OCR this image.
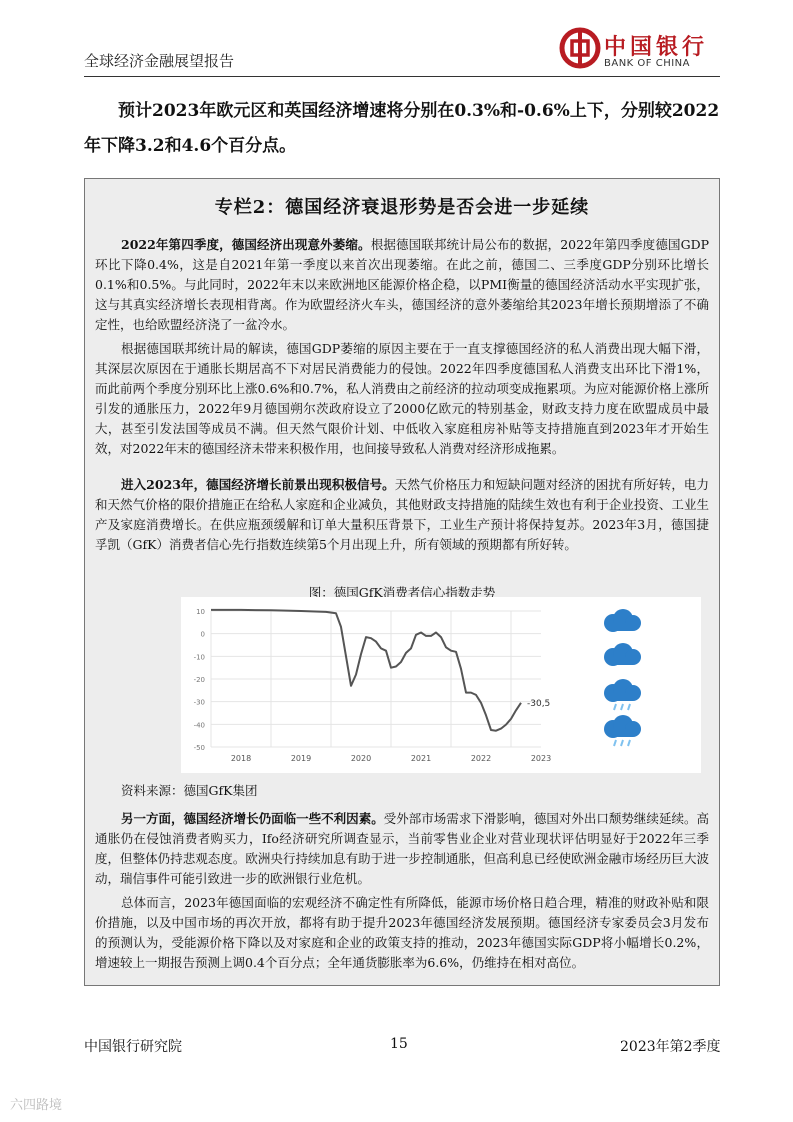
全球经济金融展望报告
中国银行
BANK OF CHINA

预计2023年欧元区和英国经济增速将分别在0.3%和-0.6%上下，分别较2022年下降3.2和4.6个百分点。

专栏2：德国经济衰退形势是否会进一步延续

2022年第四季度，德国经济出现意外萎缩。根据德国联邦统计局公布的数据，2022年第四季度德国GDP环比下降0.4%，这是自2021年第一季度以来首次出现萎缩。在此之前，德国二、三季度GDP分别环比增长0.1%和0.5%。与此同时，2022年末以来欧洲地区能源价格企稳，以PMI衡量的德国经济活动水平实现扩张，这与其真实经济增长表现相背离。作为欧盟经济火车头，德国经济的意外萎缩给其2023年增长预期增添了不确定性，也给欧盟经济浇了一盆冷水。

根据德国联邦统计局的解读，德国GDP萎缩的原因主要在于一直支撑德国经济的私人消费出现大幅下滑，其深层次原因在于通胀长期居高不下对居民消费能力的侵蚀。2022年四季度德国私人消费支出环比下滑1%，而此前两个季度分别环比上涨0.6%和0.7%，私人消费由之前经济的拉动项变成拖累项。为应对能源价格上涨所引发的通胀压力，2022年9月德国朔尔茨政府设立了2000亿欧元的特别基金，财政支持力度在欧盟成员中最大，甚至引发法国等成员不满。但天然气限价计划、中低收入家庭租房补贴等支持措施直到2023年才开始生效，对2022年末的德国经济未带来积极作用，也间接导致私人消费对经济形成拖累。

进入2023年，德国经济增长前景出现积极信号。天然气价格压力和短缺问题对经济的困扰有所好转，电力和天然气价格的限价措施正在给私人家庭和企业减负，其他财政支持措施的陆续生效也有利于企业投资、工业生产及家庭消费增长。在供应瓶颈缓解和订单大量积压背景下，工业生产预计将保持复苏。2023年3月，德国捷孚凯（GfK）消费者信心先行指数连续第5个月出现上升，所有领域的预期都有所好转。

图：德国GfK消费者信心指数走势
10
0
-10
-20
-30
-40
-50
2018	2019	2020	2021	2022	2023
-30,5
资料来源：德国GfK集团

另一方面，德国经济增长仍面临一些不利因素。受外部市场需求下滑影响，德国对外出口颓势继续延续。高通胀仍在侵蚀消费者购买力，Ifo经济研究所调查显示，当前零售业企业对营业现状评估明显好于2022年三季度，但整体仍持悲观态度。欧洲央行持续加息有助于进一步控制通胀，但高利息已经使欧洲金融市场经历巨大波动，瑞信事件可能引致进一步的欧洲银行业危机。

总体而言，2023年德国面临的宏观经济不确定性有所降低，能源市场价格日趋合理，精准的财政补贴和限价措施，以及中国市场的再次开放，都将有助于提升2023年德国经济发展预期。德国经济专家委员会3月发布的预测认为，受能源价格下降以及对家庭和企业的政策支持的推动，2023年德国实际GDP将小幅增长0.2%，增速较上一期报告预测上调0.4个百分点；全年通货膨胀率为6.6%，仍维持在相对高位。

中国银行研究院	15	2023年第2季度
六四路境
